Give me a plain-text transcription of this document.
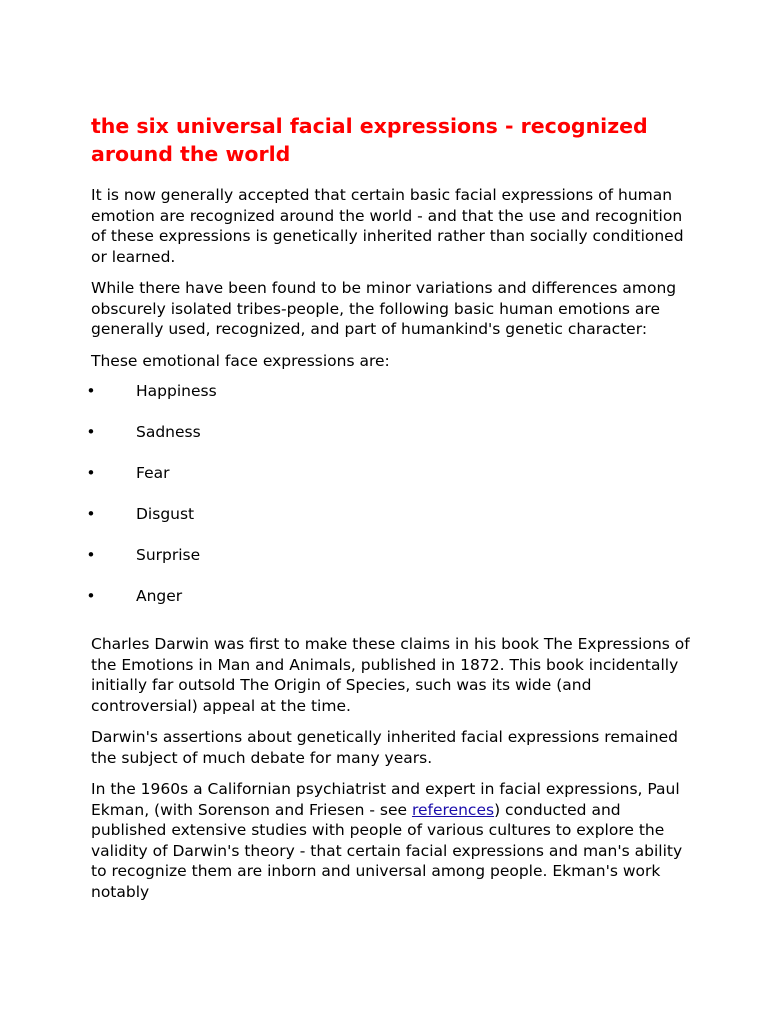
the six universal facial expressions - recognized around the world

It is now generally accepted that certain basic facial expressions of human emotion are recognized around the world - and that the use and recognition of these expressions is genetically inherited rather than socially conditioned or learned.

While there have been found to be minor variations and differences among obscurely isolated tribes-people, the following basic human emotions are generally used, recognized, and part of humankind's genetic character:

These emotional face expressions are:

•	Happiness
•	Sadness
•	Fear
•	Disgust
•	Surprise
•	Anger

Charles Darwin was first to make these claims in his book The Expressions of the Emotions in Man and Animals, published in 1872. This book incidentally initially far outsold The Origin of Species, such was its wide (and controversial) appeal at the time.

Darwin's assertions about genetically inherited facial expressions remained the subject of much debate for many years.

In the 1960s a Californian psychiatrist and expert in facial expressions, Paul Ekman, (with Sorenson and Friesen - see references) conducted and published extensive studies with people of various cultures to explore the validity of Darwin's theory - that certain facial expressions and man's ability to recognize them are inborn and universal among people. Ekman's work notably
